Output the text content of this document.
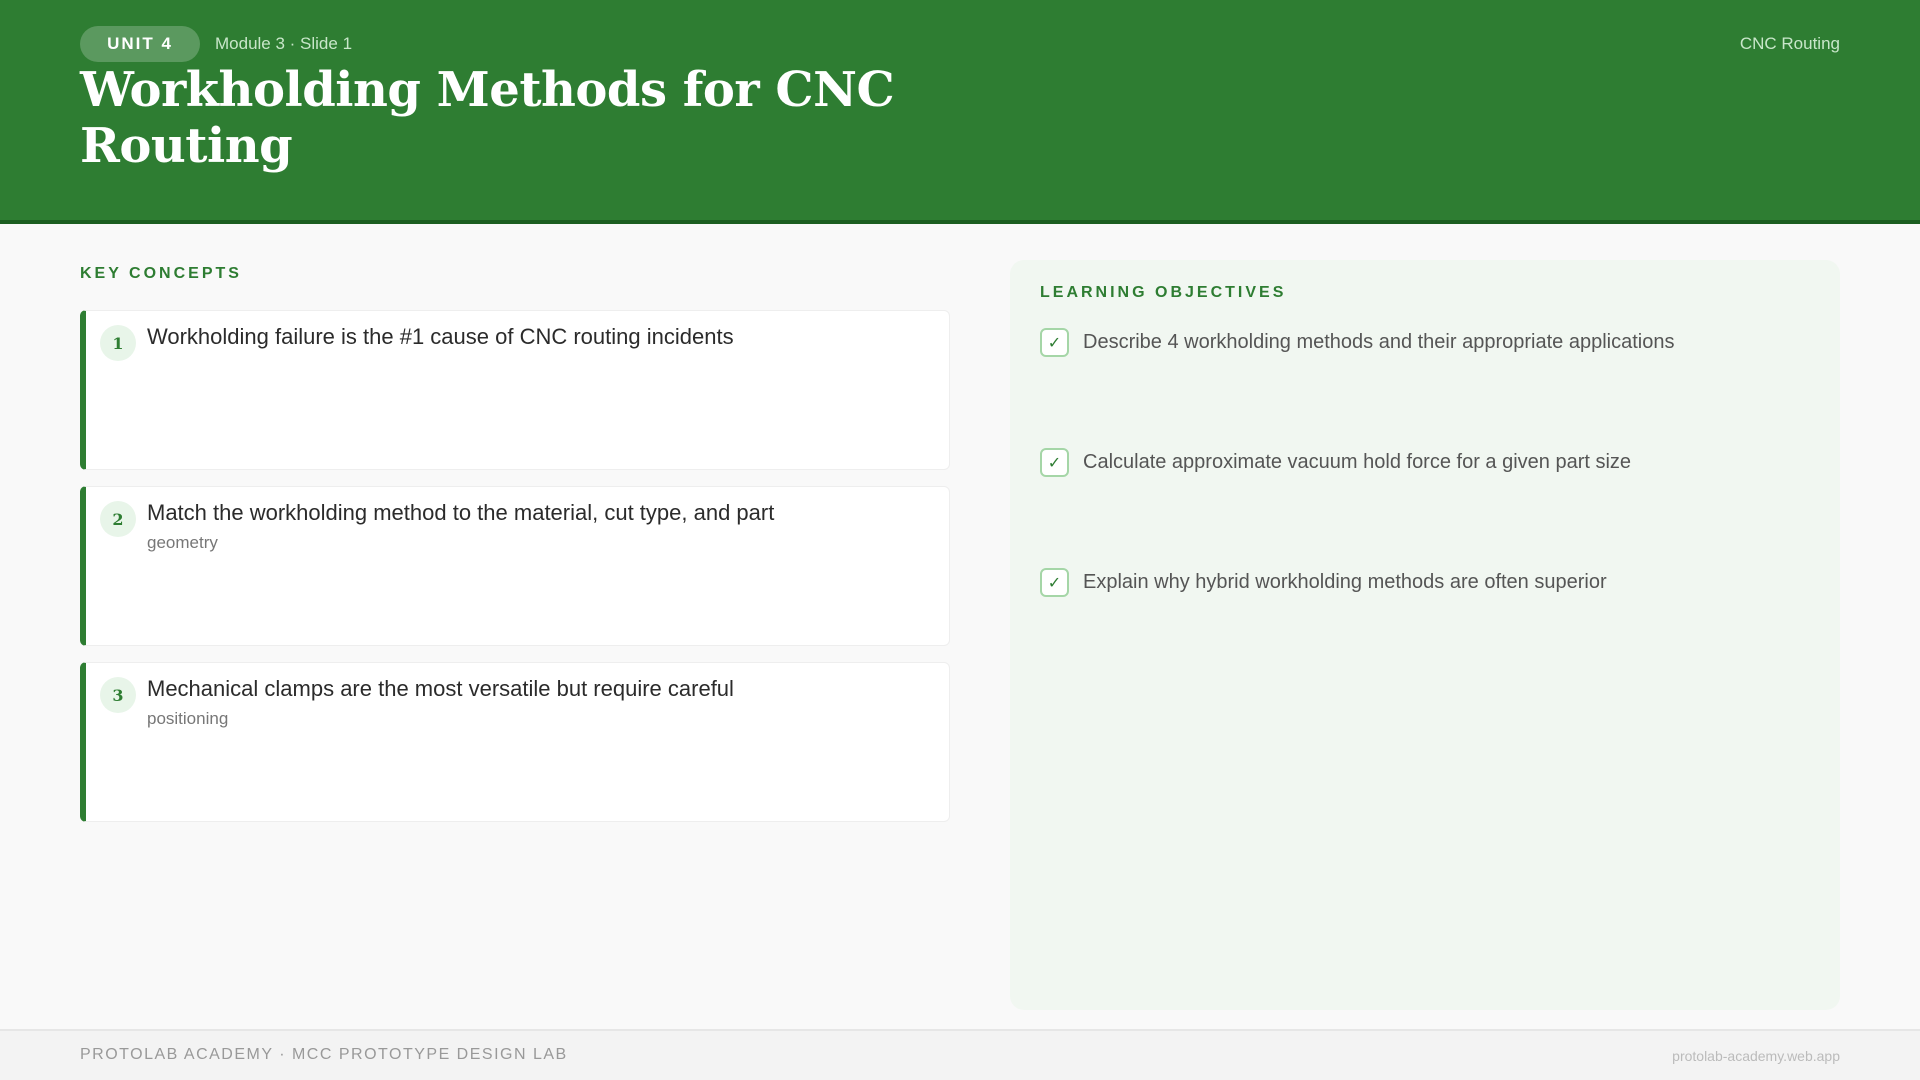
UNIT 4	Module 3 · Slide 1	CNC Routing
Workholding Methods for CNC Routing
KEY CONCEPTS
1	Workholding failure is the #1 cause of CNC routing incidents
2	Match the workholding method to the material, cut type, and part
geometry
3	Mechanical clamps are the most versatile but require careful
positioning
LEARNING OBJECTIVES
✓	Describe 4 workholding methods and their appropriate applications
✓	Calculate approximate vacuum hold force for a given part size
✓	Explain why hybrid workholding methods are often superior
PROTOLAB ACADEMY · MCC PROTOTYPE DESIGN LAB	protolab-academy.web.app
